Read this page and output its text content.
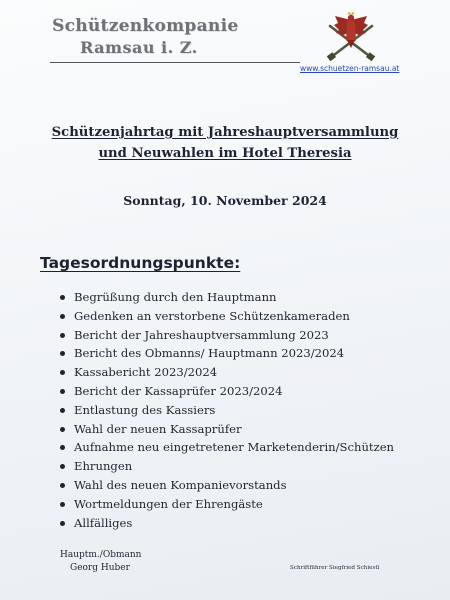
Schützenkompanie
Ramsau i. Z.
www.schuetzen-ramsau.at
Schützenjahrtag mit Jahreshauptversammlung
und Neuwahlen im Hotel Theresia
Sonntag, 10. November 2024
Tagesordnungspunkte:
Begrüßung durch den Hauptmann
Gedenken an verstorbene Schützenkameraden
Bericht der Jahreshauptversammlung 2023
Bericht des Obmanns/ Hauptmann 2023/2024
Kassabericht 2023/2024
Bericht der Kassaprüfer 2023/2024
Entlastung des Kassiers
Wahl der neuen Kassaprüfer
Aufnahme neu eingetretener Marketenderin/Schützen
Ehrungen
Wahl des neuen Kompanievorstands
Wortmeldungen der Ehrengäste
Allfälliges
Hauptm./Obmann
Georg Huber	Schriftführer Siegfried Schiestl
